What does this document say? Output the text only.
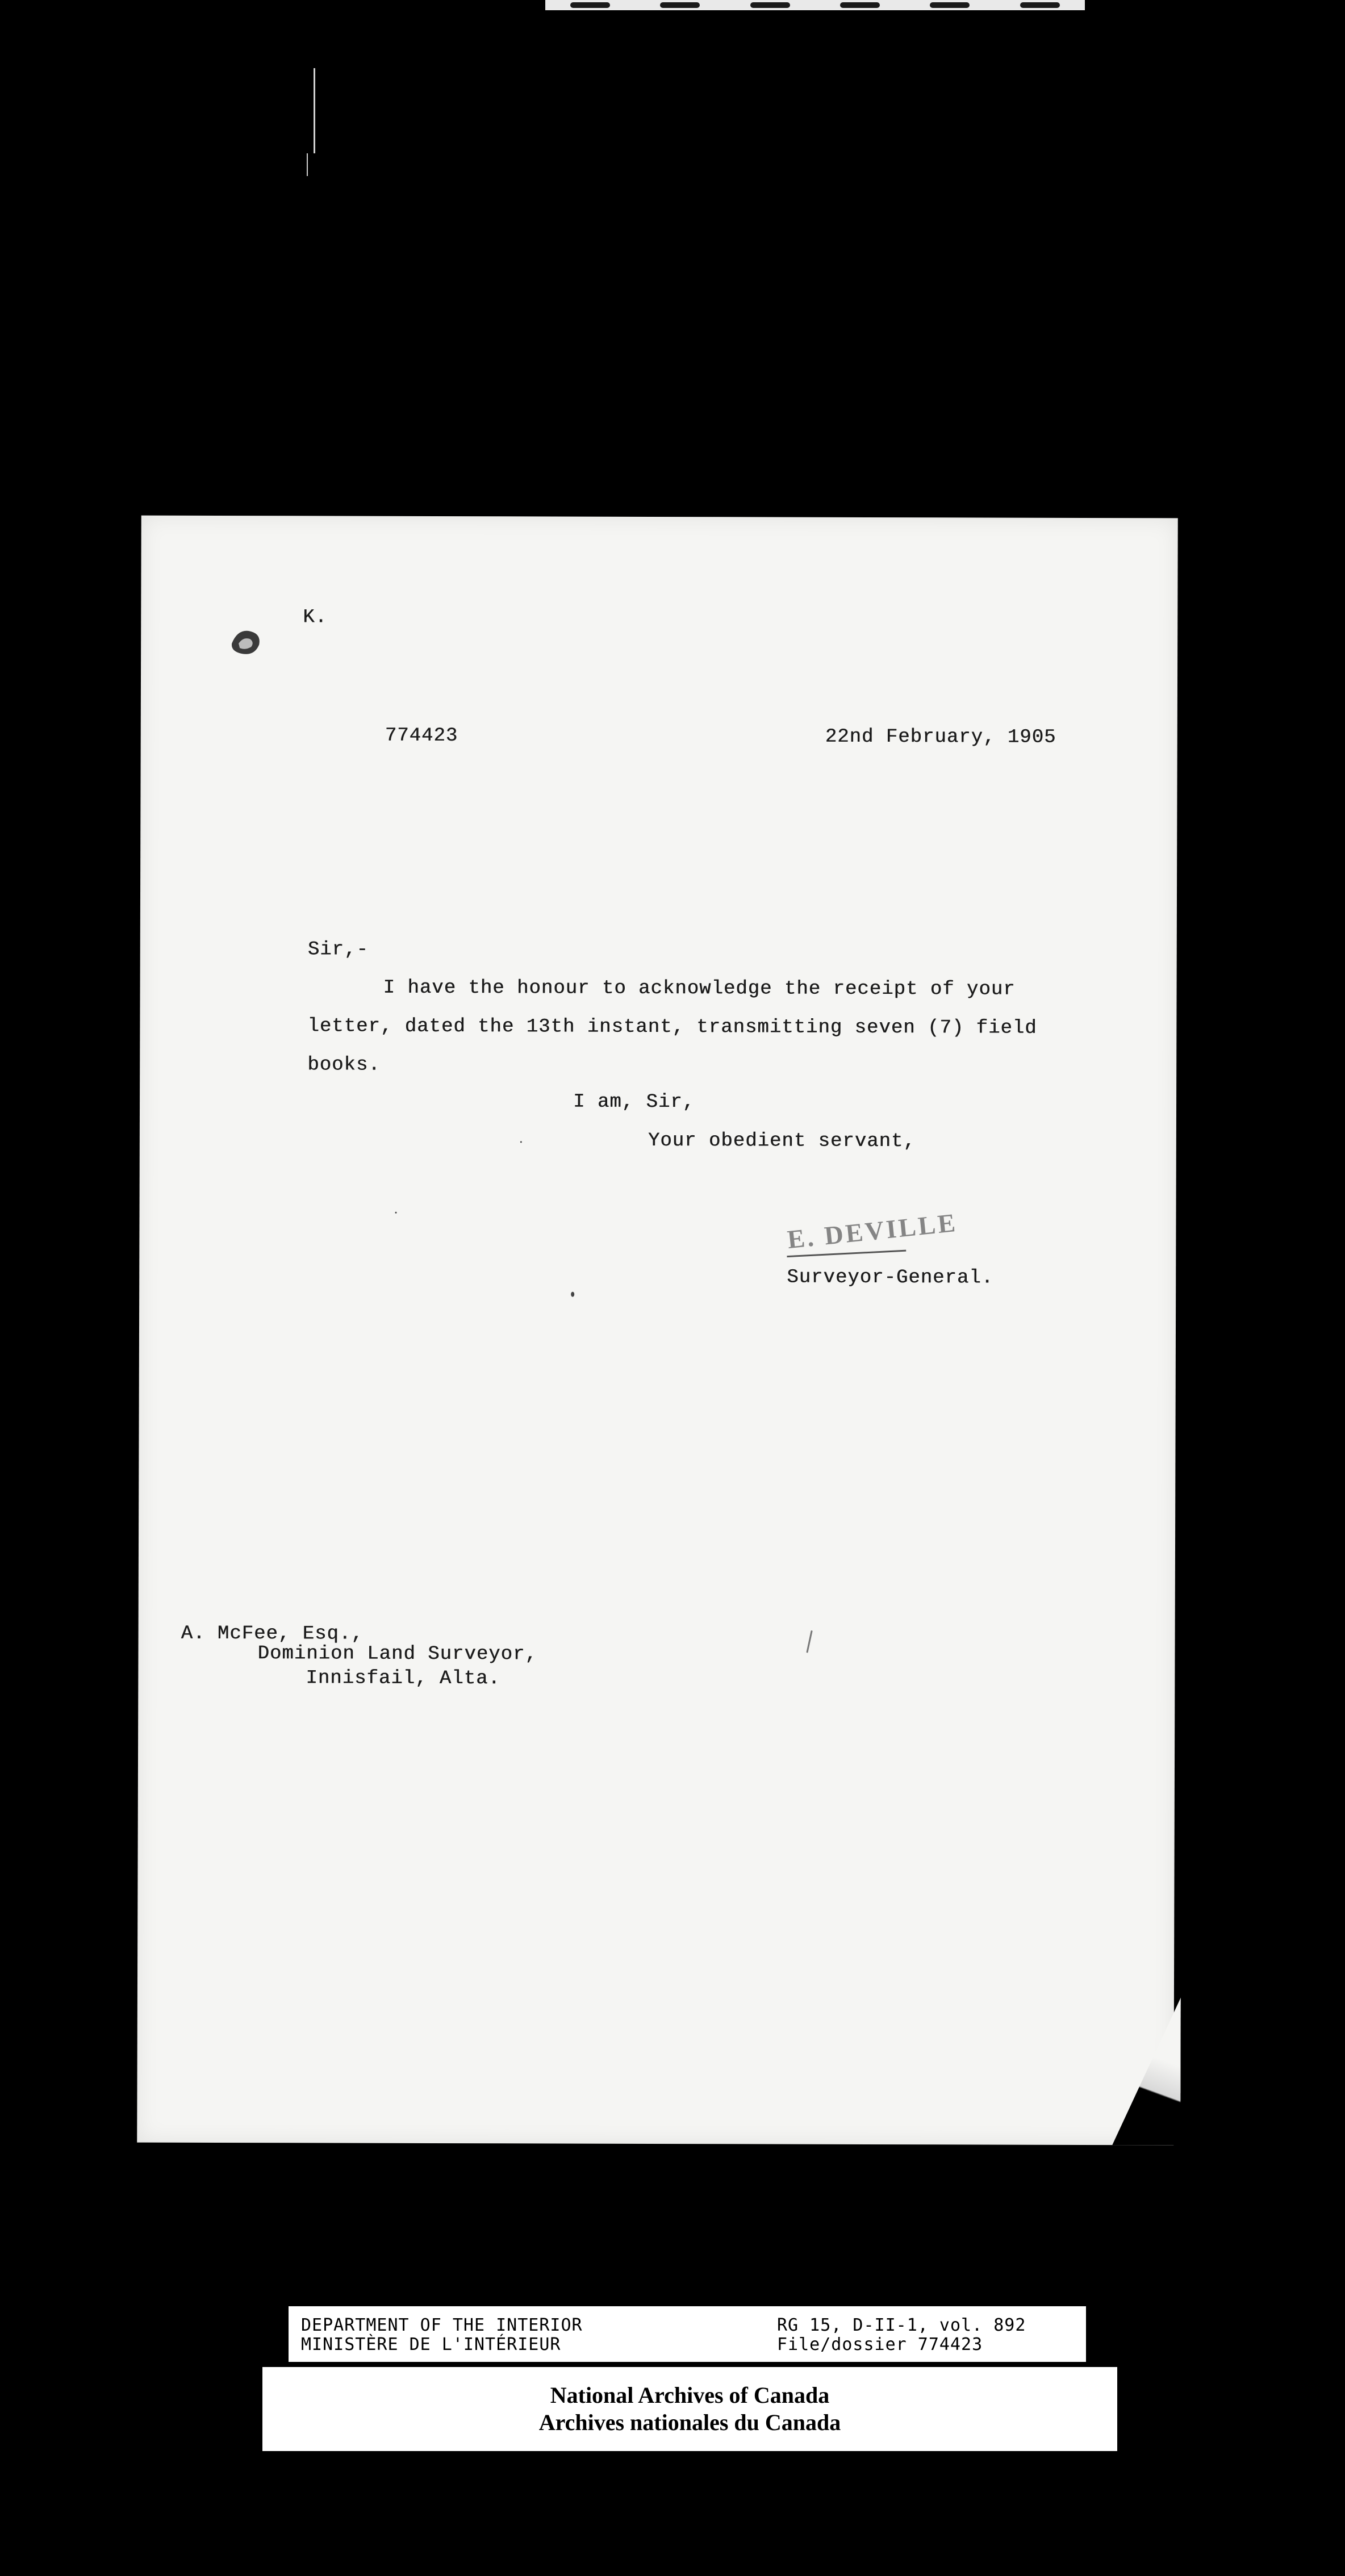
K.
774423	22nd February, 1905
Sir,-
I have the honour to acknowledge the receipt of your
letter, dated the 13th instant, transmitting seven (7) field
books.
I am, Sir,
Your obedient servant,
E. DEVILLE
Surveyor-General.
A. McFee, Esq.,
Dominion Land Surveyor,
Innisfail, Alta.
DEPARTMENT OF THE INTERIOR
MINISTÈRE DE L'INTÉRIEUR
RG 15, D-II-1, vol. 892
File/dossier 774423
National Archives of Canada
Archives nationales du Canada
